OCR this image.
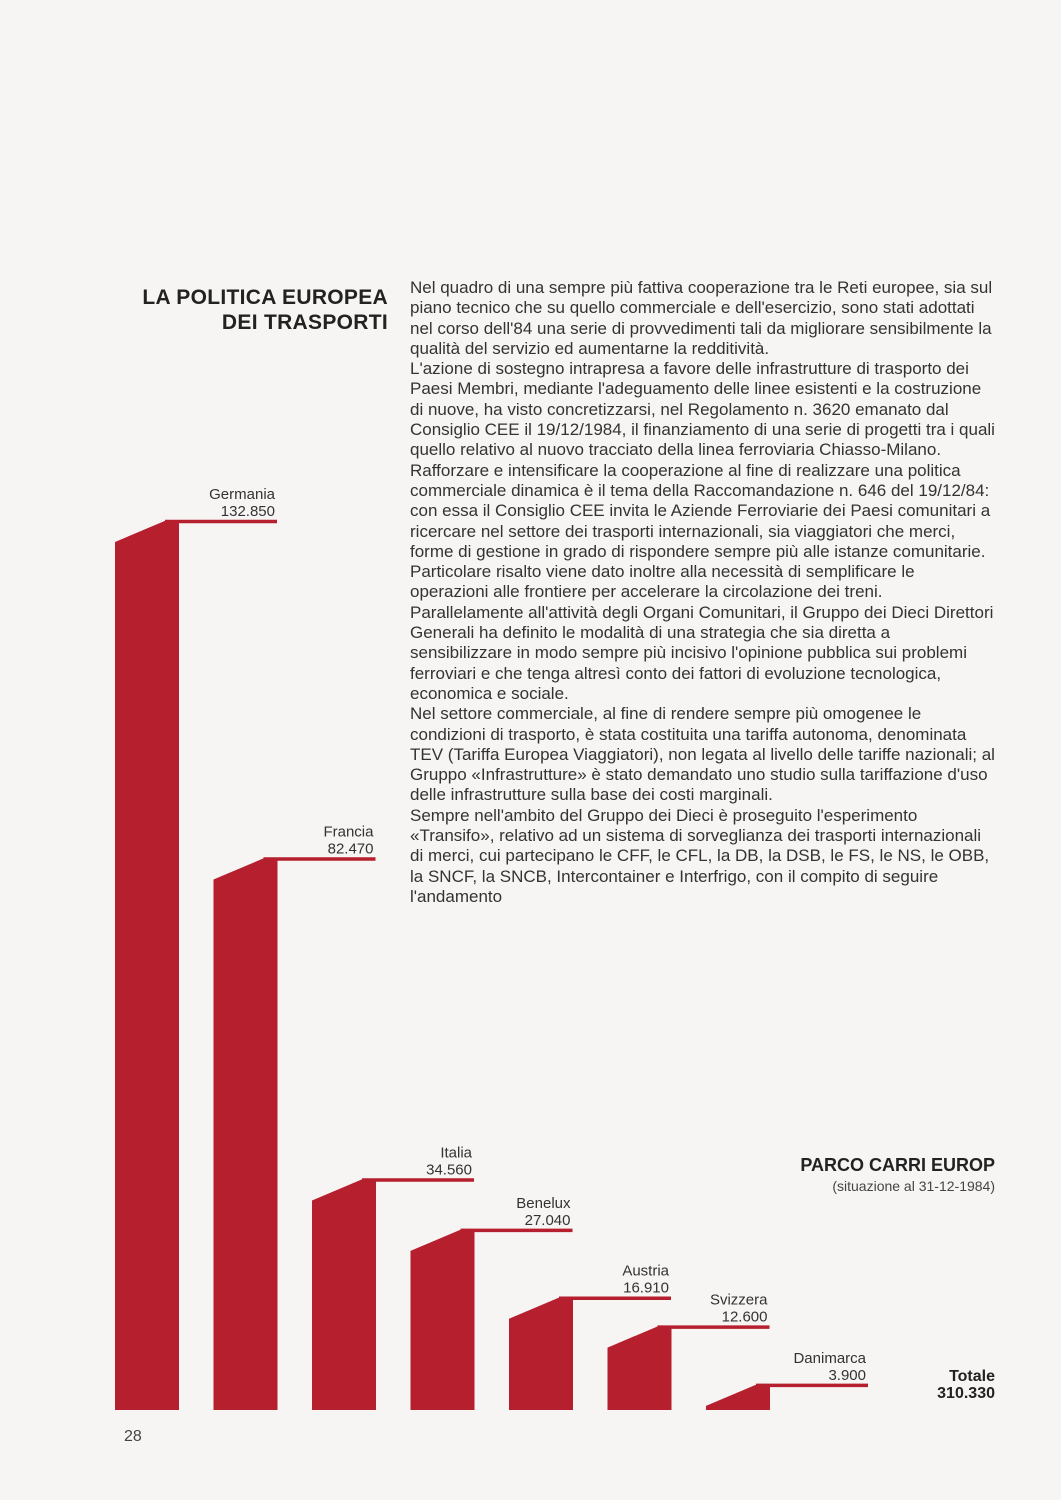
LA POLITICA EUROPEA
DEI TRASPORTI

Nel quadro di una sempre più fattiva cooperazione tra le Reti europee, sia sul piano tecnico che su quello commerciale e dell'esercizio, sono stati adottati nel corso dell'84 una serie di provvedimenti tali da migliorare sensibilmente la qualità del servizio ed aumentarne la redditività.

L'azione di sostegno intrapresa a favore delle infrastrutture di trasporto dei Paesi Membri, mediante l'adeguamento delle linee esistenti e la costruzione di nuove, ha visto concretizzarsi, nel Regolamento n. 3620 emanato dal Consiglio CEE il 19/12/1984, il finanziamento di una serie di progetti tra i quali quello relativo al nuovo tracciato della linea ferroviaria Chiasso-Milano.

Rafforzare e intensificare la cooperazione al fine di realizzare una politica commerciale dinamica è il tema della Raccomandazione n. 646 del 19/12/84: con essa il Consiglio CEE invita le Aziende Ferroviarie dei Paesi comunitari a ricercare nel settore dei trasporti internazionali, sia viaggiatori che merci, forme di gestione in grado di rispondere sempre più alle istanze comunitarie.

Particolare risalto viene dato inoltre alla necessità di semplificare le operazioni alle frontiere per accelerare la circolazione dei treni.

Parallelamente all'attività degli Organi Comunitari, il Gruppo dei Dieci Direttori Generali ha definito le modalità di una strategia che sia diretta a sensibilizzare in modo sempre più incisivo l'opinione pubblica sui problemi ferroviari e che tenga altresì conto dei fattori di evoluzione tecnologica, economica e sociale.

Nel settore commerciale, al fine di rendere sempre più omogenee le condizioni di trasporto, è stata costituita una tariffa autonoma, denominata TEV (Tariffa Europea Viaggiatori), non legata al livello delle tariffe nazionali; al Gruppo «Infrastrutture» è stato demandato uno studio sulla tariffazione d'uso delle infrastrutture sulla base dei costi marginali.

Sempre nell'ambito del Gruppo dei Dieci è proseguito l'esperimento «Transifo», relativo ad un sistema di sorveglianza dei trasporti internazionali di merci, cui partecipano le CFF, le CFL, la DB, la DSB, le FS, le NS, le OBB, la SNCF, la SNCB, Intercontainer e Interfrigo, con il compito di seguire l'andamento

Germania
132.850
Francia
82.470
Italia
34.560
Benelux
27.040
Austria
16.910
Svizzera
12.600
Danimarca
3.900
PARCO CARRI EUROP
(situazione al 31-12-1984)
Totale
310.330
28
